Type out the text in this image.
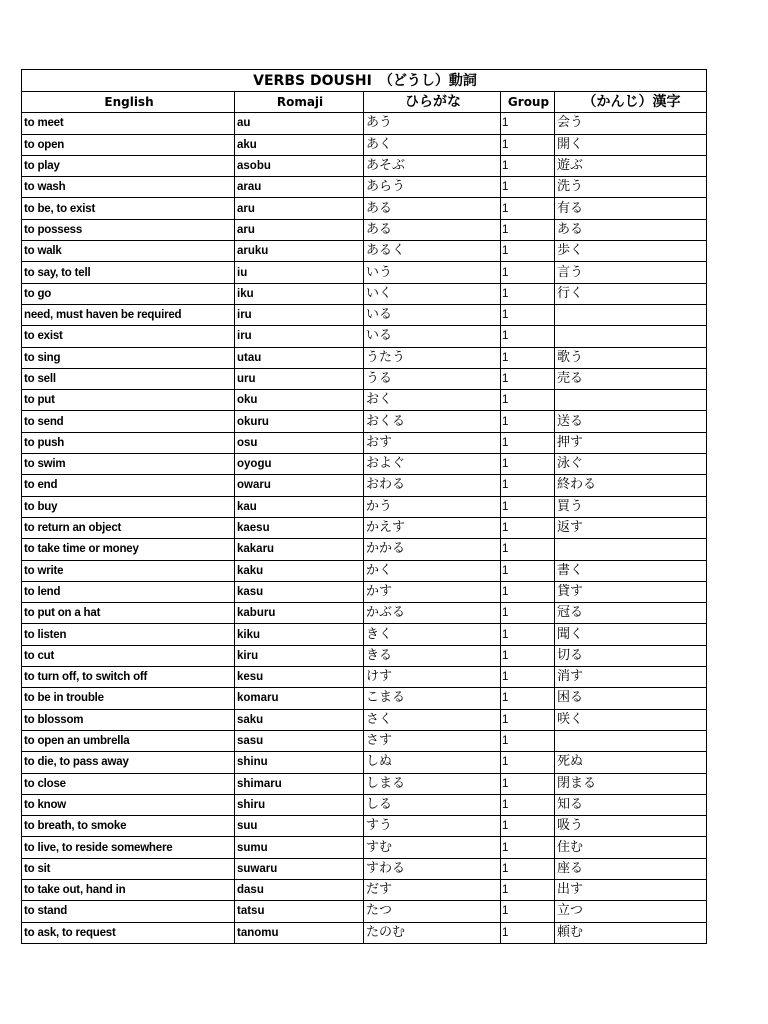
VERBS DOUSHI　（どうし）動詞				
English	Romaji	ひらがな	Group	（かんじ）漢字
to meet	au	あう	1	会う
to open	aku	あく	1	開く
to play	asobu	あそぶ	1	遊ぶ
to wash	arau	あらう	1	洗う
to be, to exist	aru	ある	1	有る
to possess	aru	ある	1	ある
to walk	aruku	あるく	1	歩く
to say, to tell	iu	いう	1	言う
to go	iku	いく	1	行く
need, must haven be required	iru	いる	1	
to exist	iru	いる	1	
to sing	utau	うたう	1	歌う
to sell	uru	うる	1	売る
to put	oku	おく	1	
to send	okuru	おくる	1	送る
to push	osu	おす	1	押す
to swim	oyogu	およぐ	1	泳ぐ
to end	owaru	おわる	1	終わる
to buy	kau	かう	1	買う
to return an object	kaesu	かえす	1	返す
to take time or money	kakaru	かかる	1	
to write	kaku	かく	1	書く
to lend	kasu	かす	1	貸す
to put on a hat	kaburu	かぶる	1	冠る
to listen	kiku	きく	1	聞く
to cut	kiru	きる	1	切る
to turn off, to switch off	kesu	けす	1	消す
to be in trouble	komaru	こまる	1	困る
to blossom	saku	さく	1	咲く
to open an umbrella	sasu	さす	1	
to die, to pass away	shinu	しぬ	1	死ぬ
to close	shimaru	しまる	1	閉まる
to know	shiru	しる	1	知る
to breath, to smoke	suu	すう	1	吸う
to live, to reside somewhere	sumu	すむ	1	住む
to sit	suwaru	すわる	1	座る
to take out, hand in	dasu	だす	1	出す
to stand	tatsu	たつ	1	立つ
to ask, to request	tanomu	たのむ	1	頼む
